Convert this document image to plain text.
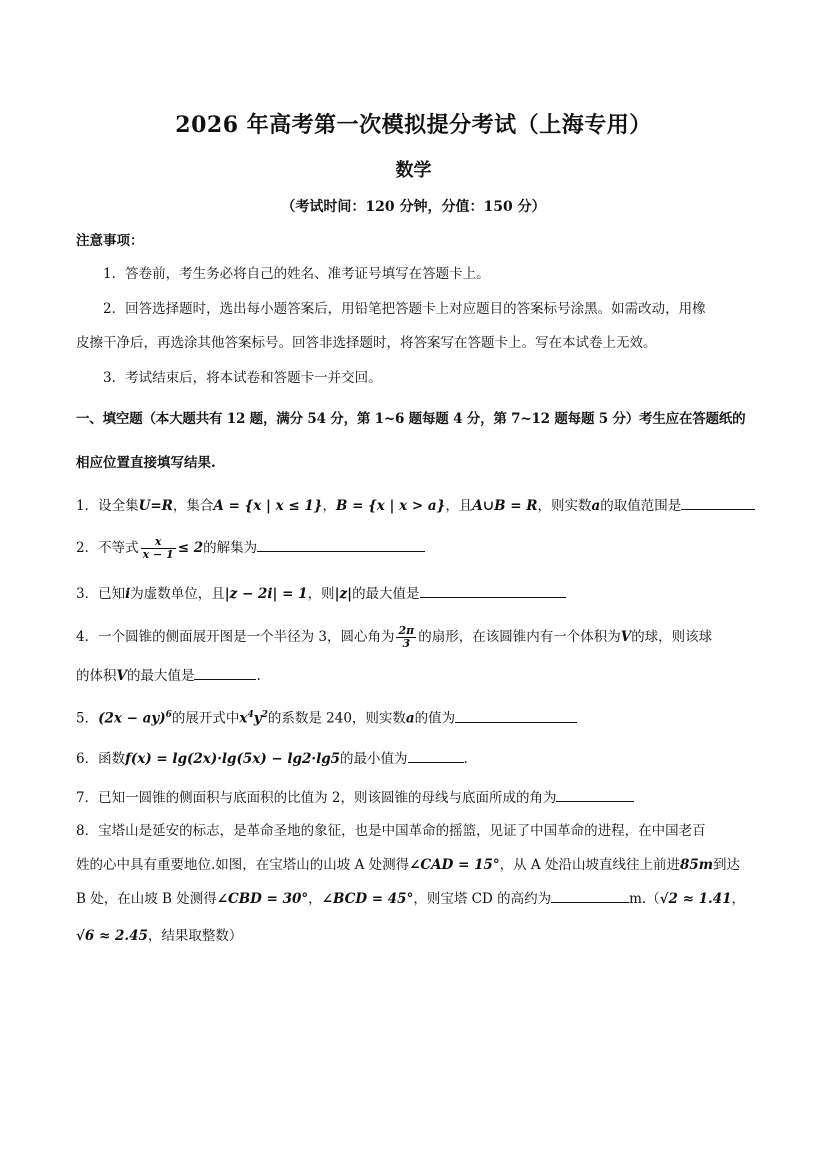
2026 年高考第一次模拟提分考试（上海专用）
数学
（考试时间：120 分钟，分值：150 分）
注意事项：
1．答卷前，考生务必将自己的姓名、准考证号填写在答题卡上。
2．回答选择题时，选出每小题答案后，用铅笔把答题卡上对应题目的答案标号涂黑。如需改动，用橡
皮擦干净后，再选涂其他答案标号。回答非选择题时，将答案写在答题卡上。写在本试卷上无效。
3．考试结束后，将本试卷和答题卡一并交回。
一、填空题（本大题共有 12 题，满分 54 分，第 1~6 题每题 4 分，第 7~12 题每题 5 分）考生应在答题纸的
相应位置直接填写结果.
1．设全集U=R，集合A = {x | x ≤ 1}，B = {x | x > a}，且A∪B = R，则实数a的取值范围是
2．不等式 $\frac{x}{x - 1} \le 2$的解集为
3．已知i为虚数单位，且|z − 2i| = 1，则|z|的最大值是
4．一个圆锥的侧面展开图是一个半径为 3，圆心角为 $\frac{2\pi}{3}$ 的扇形，在该圆锥内有一个体积为V的球，则该球
的体积V的最大值是	.
5．(2x − ay)$^6$的展开式中$x^4y^2$的系数是 240，则实数a的值为
6．函数f(x) = lg(2x)·lg(5x) − lg2·lg5的最小值为	.
7．已知一圆锥的侧面积与底面积的比值为 2，则该圆锥的母线与底面所成的角为
8．宝塔山是延安的标志，是革命圣地的象征，也是中国革命的摇篮，见证了中国革命的进程，在中国老百
姓的心中具有重要地位.如图，在宝塔山的山坡 A 处测得∠CAD = 15°，从 A 处沿山坡直线往上前进85m到达
B 处，在山坡 B 处测得∠CBD = 30°，∠BCD = 45°，则宝塔 CD 的高约为	m.（√2 ≈ 1.41，
√6 ≈ 2.45，结果取整数）
